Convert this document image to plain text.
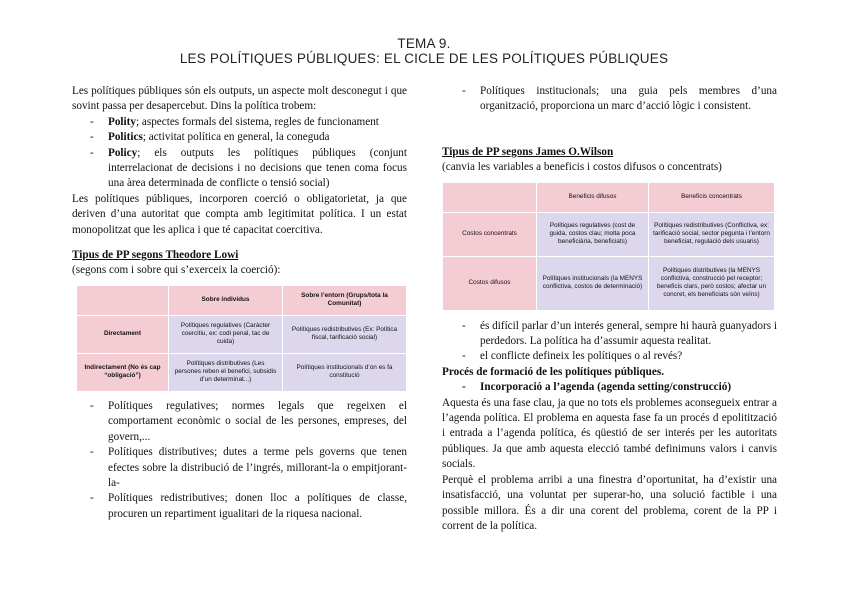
TEMA 9.
LES POLÍTIQUES PÚBLIQUES: EL CICLE DE LES POLÍTIQUES PÚBLIQUES

Les polítiques públiques són els outputs, un aspecte molt desconegut i que sovint passa per desapercebut. Dins la política trobem:

- Polity; aspectes formals del sistema, regles de funcionament
- Politics; activitat política en general, la coneguda
- Policy; els outputs les polítiques públiques (conjunt interrelacionat de decisions i no decisions que tenen coma focus una àrea determinada de conflicte o tensió social)

Les polítiques públiques, incorporen coerció o obligatorietat, ja que deriven d’una autoritat que compta amb legitimitat política. I un estat monopolitzat que les aplica i que té capacitat coercitiva.

Tipus de PP segons Theodore Lowi

(segons com i sobre qui s’exerceix la coerció):

	Sobre individus	Sobre l’entorn (Grups/tota la Comunitat)
Directament	Polítiques regulatives (Caràcter coercitiu, ex: codi penal, tac de cuida)	Polítiques redistributives (Ex: Política fiscal, tarificació social)
Indirectament (No és cap “obligació”)	Polítiques distributives (Les persones reben el benefici, subsidis d’un determinat...)	Polítiques institucionals d’on es fa constitució
- Polítiques regulatives; normes legals que regeixen el comportament econòmic o social de les persones, empreses, del govern,...
- Polítiques distributives; dutes a terme pels governs que tenen efectes sobre la distribució de l’ingrés, millorant-la o empitjorant-la-
- Polítiques redistributives; donen lloc a polítiques de classe, procuren un repartiment igualitari de la riquesa nacional.
- Polítiques institucionals; una guia pels membres d’una organització, proporciona un marc d’acció lògic i consistent.

Tipus de PP segons James O.Wilson

(canvia les variables a beneficis i costos difusos o concentrats)

	Beneficis difusos	Beneficis concentrats
Costos concentrats	Polítiques regulatives (cost de guida, costos clau; molta poca beneficiària, beneficiats)	Polítiques redistributives (Conflictiva, ex: tarificació social, sector pegunta i l’entorn beneficiat, regulació dels usuaris)
Costos difusos	Polítiques institucionals (la MENYS conflictiva, costos de determinació)	Polítiques distributives (la MENYS conflictiva, construcció pel receptor; beneficis clars, però costos; afectar un concret, els beneficiats són veïns)
- és difícil parlar d’un interés general, sempre hi haurà guanyadors i perdedors. La política ha d’assumir aquesta realitat.
- el conflicte defineix les polítiques o al revés?

Procés de formació de les polítiques públiques.

- Incorporació a l’agenda (agenda setting/construcció)

Aquesta és una fase clau, ja que no tots els problemes aconsegueix entrar a l’agenda política. El problema en aquesta fase fa un procés d epolitització i entrada a l’agenda política, és qüestió de ser interés per les autoritats públiques. Ja que amb aquesta elecció també definimuns valors i canvis socials.

Perquè el problema arribi a una finestra d’oportunitat, ha d’existir una insatisfacció, una voluntat per superar-ho, una solució factible i una possible millora. És a dir una corent del problema, corent de la PP i corrent de la política.
